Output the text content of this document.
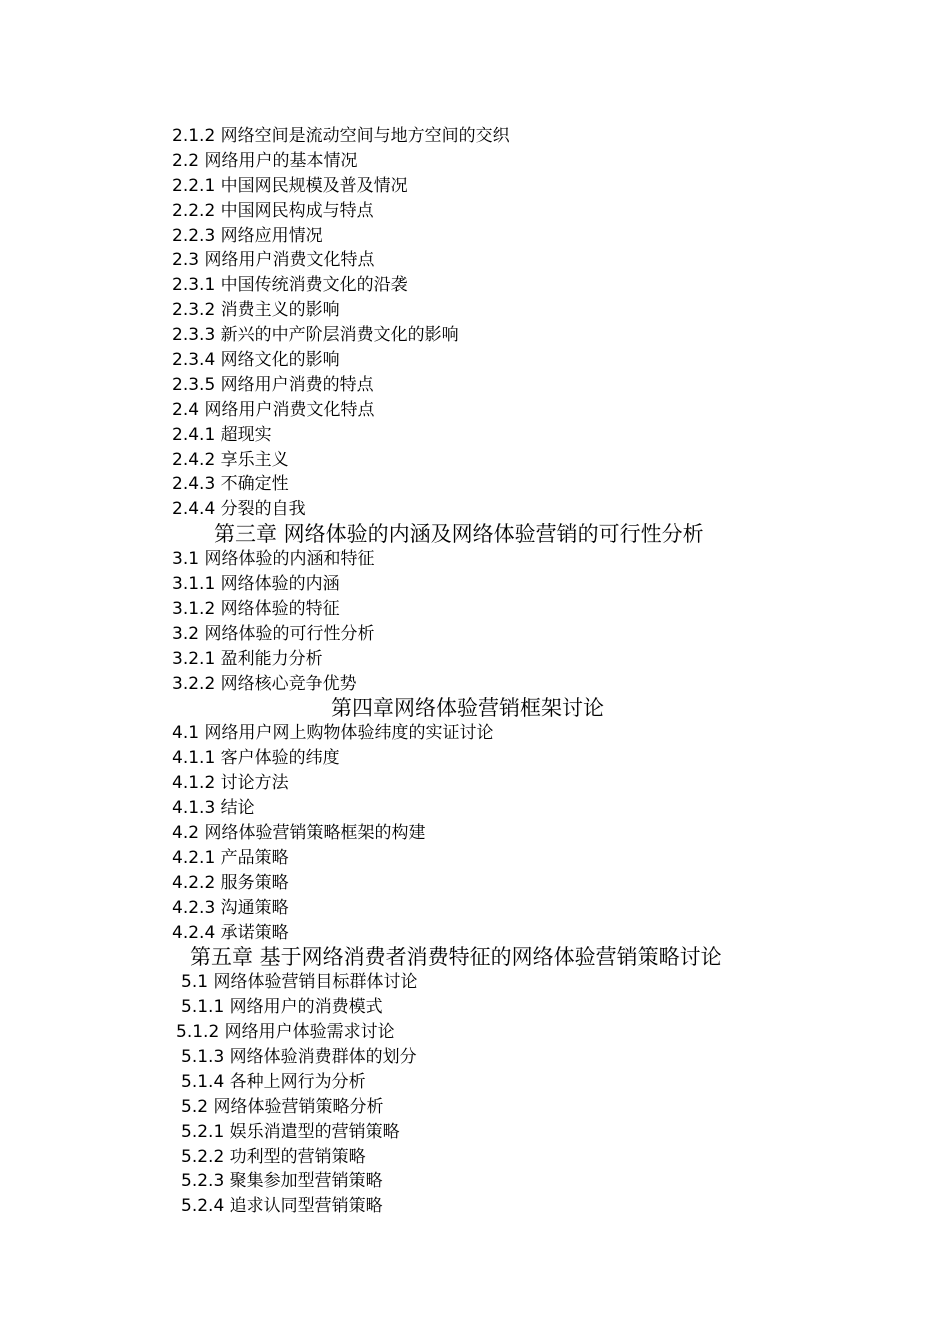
2.1.2 网络空间是流动空间与地方空间的交织
2.2 网络用户的基本情况
2.2.1 中国网民规模及普及情况
2.2.2 中国网民构成与特点
2.2.3 网络应用情况
2.3 网络用户消费文化特点
2.3.1 中国传统消费文化的沿袭
2.3.2 消费主义的影响
2.3.3 新兴的中产阶层消费文化的影响
2.3.4 网络文化的影响
2.3.5 网络用户消费的特点
2.4 网络用户消费文化特点
2.4.1 超现实
2.4.2 享乐主义
2.4.3 不确定性
2.4.4 分裂的自我
第三章 网络体验的内涵及网络体验营销的可行性分析
3.1 网络体验的内涵和特征
3.1.1 网络体验的内涵
3.1.2 网络体验的特征
3.2 网络体验的可行性分析
3.2.1 盈利能力分析
3.2.2 网络核心竞争优势
第四章网络体验营销框架讨论
4.1 网络用户网上购物体验纬度的实证讨论
4.1.1 客户体验的纬度
4.1.2 讨论方法
4.1.3 结论
4.2 网络体验营销策略框架的构建
4.2.1 产品策略
4.2.2 服务策略
4.2.3 沟通策略
4.2.4 承诺策略
第五章 基于网络消费者消费特征的网络体验营销策略讨论
5.1 网络体验营销目标群体讨论
5.1.1 网络用户的消费模式
5.1.2 网络用户体验需求讨论
5.1.3 网络体验消费群体的划分
5.1.4 各种上网行为分析
5.2 网络体验营销策略分析
5.2.1 娱乐消遣型的营销策略
5.2.2 功利型的营销策略
5.2.3 聚集参加型营销策略
5.2.4 追求认同型营销策略
